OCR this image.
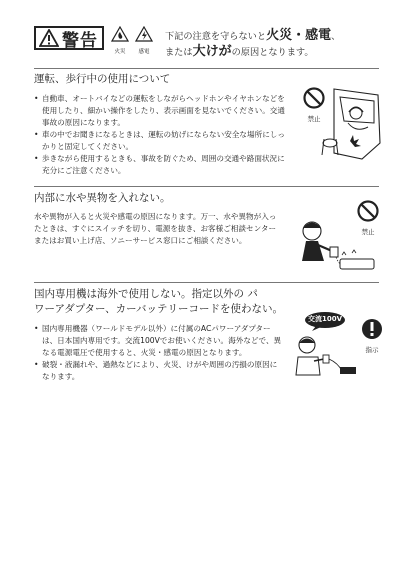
警告
火災	感電
下記の注意を守らないと火災・感電、
または大けがの原因となります。
運転、歩行中の使用について
• 自動車、オートバイなどの運転をしながらヘッドホンやイヤホンなどを使用したり、細かい操作をしたり、表示画面を見ないでください。交通事故の原因になります。
• 車の中でお聞きになるときは、運転の妨げにならない安全な場所にしっかりと固定してください。
• 歩きながら使用するときも、事故を防ぐため、周囲の交通や路面状況に充分にご注意ください。
禁止
内部に水や異物を入れない。
水や異物が入ると火災や感電の原因になります。万一、水や異物が入ったときは、すぐにスイッチを切り、電源を抜き、お客様ご相談センターまたはお買い上げ店、ソニーサービス窓口にご相談ください。
禁止
国内専用機は海外で使用しない。指定以外の パ
ワーアダプター、カーバッテリーコードを使わない。
• 国内専用機器（ワールドモデル以外）に付属のACパワーアダプターは、日本国内専用です。交流100Vでお使いください。海外などで、異なる電源電圧で使用すると、火災・感電の原因となります。
• 破裂・液漏れや、過熱などにより、火災、けがや周囲の汚損の原因になります。
交流100V
指示
